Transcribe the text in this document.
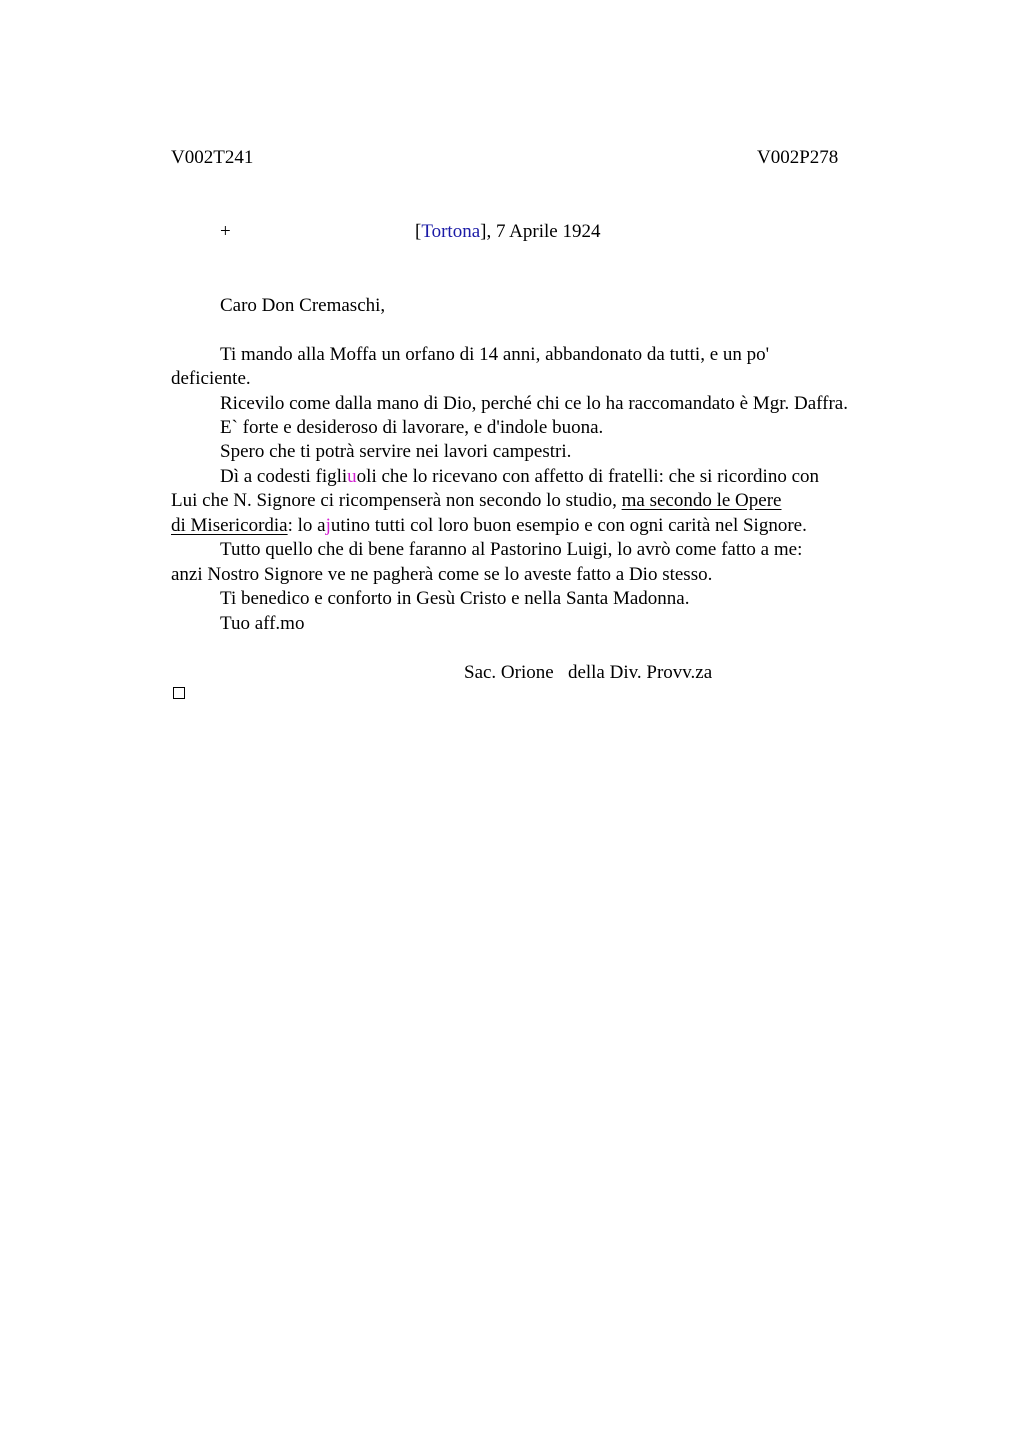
V002T241	V002P278
+	[Tortona], 7 Aprile 1924
Caro Don Cremaschi,
Ti mando alla Moffa un orfano di 14 anni, abbandonato da tutti, e un po'
deficiente.
Ricevilo come dalla mano di Dio, perché chi ce lo ha raccomandato è Mgr. Daffra.
E` forte e desideroso di lavorare, e d'indole buona.
Spero che ti potrà servire nei lavori campestri.
Dì a codesti figliuoli che lo ricevano con affetto di fratelli: che si ricordino con
Lui che N. Signore ci ricompenserà non secondo lo studio, ma secondo le Opere
di Misericordia: lo ajutino tutti col loro buon esempio e con ogni carità nel Signore.
Tutto quello che di bene faranno al Pastorino Luigi, lo avrò come fatto a me:
anzi Nostro Signore ve ne pagherà come se lo aveste fatto a Dio stesso.
Ti benedico e conforto in Gesù Cristo e nella Santa Madonna.
Tuo aff.mo
Sac. Orione   della Div. Provv.za
